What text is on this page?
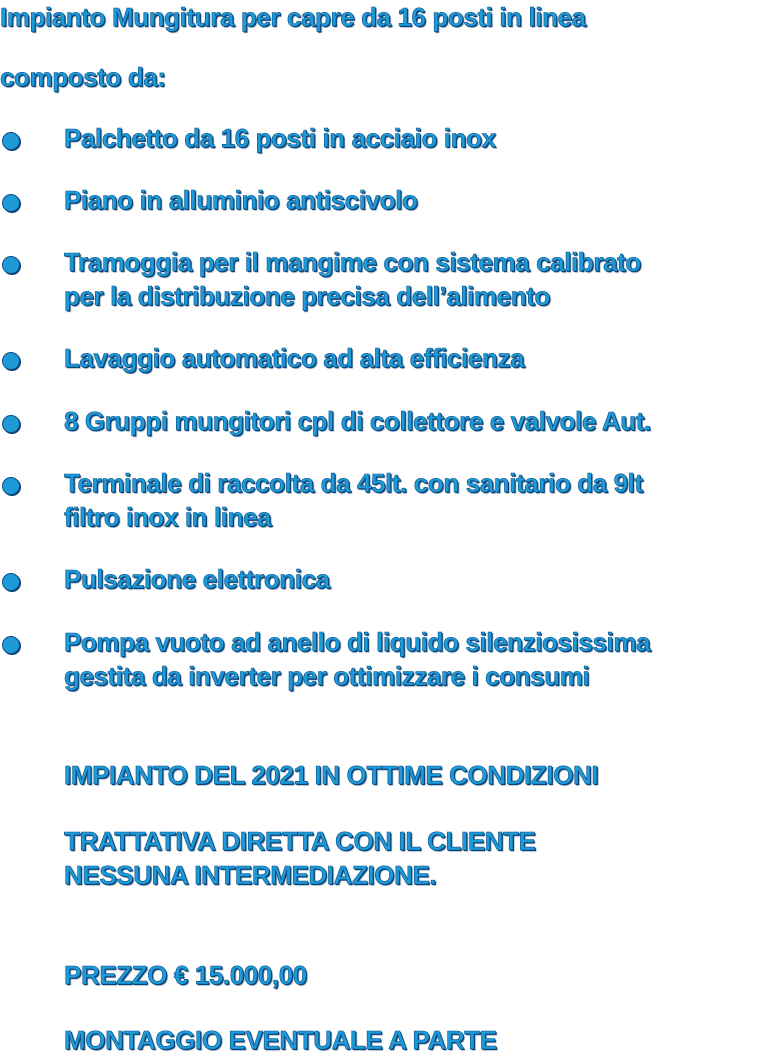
Impianto Mungitura per capre da 16 posti in linea
composto da:
Palchetto da 16 posti in acciaio inox
Piano in alluminio antiscivolo
Tramoggia per il mangime con sistema calibrato
per la distribuzione precisa dell’alimento
Lavaggio automatico ad alta efficienza
8 Gruppi mungitori cpl di collettore e valvole Aut.
Terminale di raccolta da 45lt. con sanitario da 9lt
filtro inox in linea
Pulsazione elettronica
Pompa vuoto ad anello di liquido silenziosissima
gestita da inverter per ottimizzare i consumi
IMPIANTO DEL 2021 IN OTTIME CONDIZIONI
TRATTATIVA DIRETTA CON IL CLIENTE
NESSUNA INTERMEDIAZIONE.
PREZZO € 15.000,00
MONTAGGIO EVENTUALE A PARTE
